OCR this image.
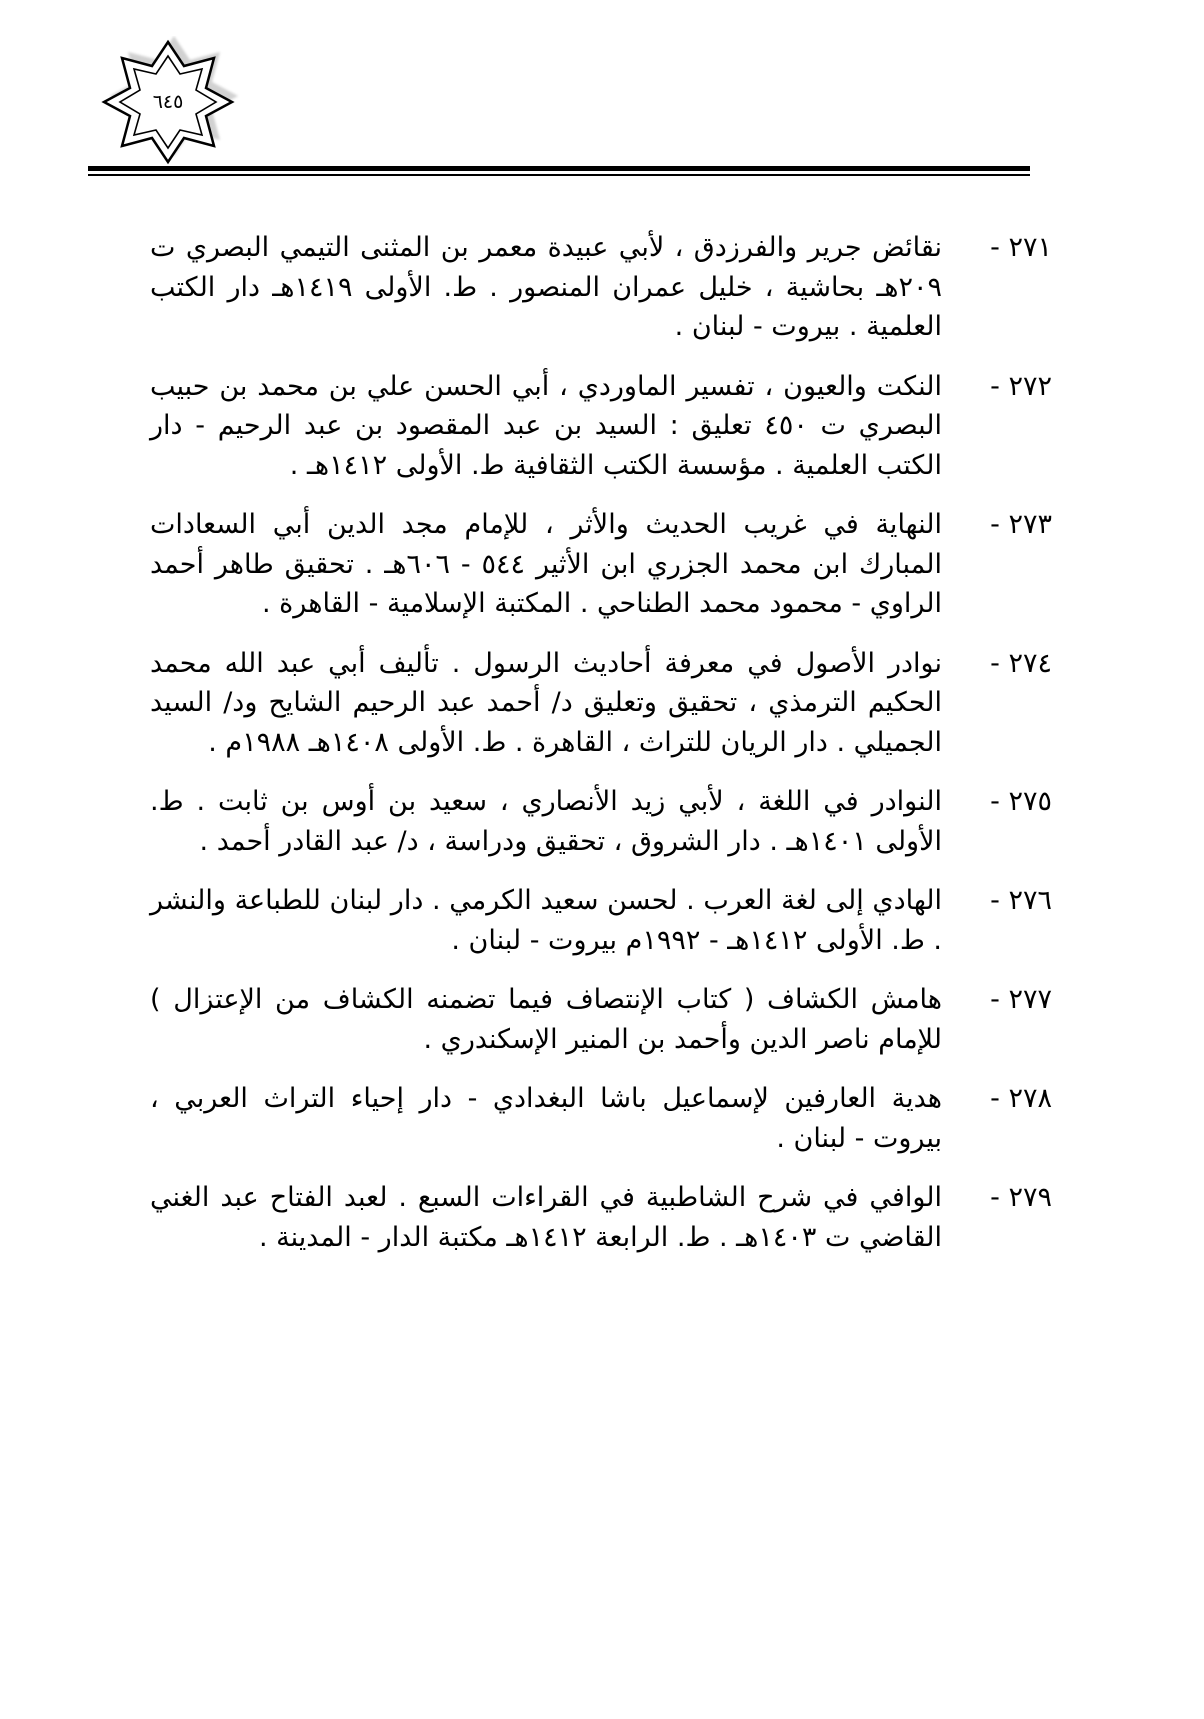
٦٤٥
٢٧١ -
نقائض جرير والفرزدق ، لأبي عبيدة معمر بن المثنى التيمي البصري ت ٢٠٩هـ بحاشية ، خليل عمران المنصور . ط. الأولى ١٤١٩هـ دار الكتب العلمية . بيروت - لبنان .
٢٧٢ -
النكت والعيون ، تفسير الماوردي ، أبي الحسن علي بن محمد بن حبيب البصري ت ٤٥٠ تعليق : السيد بن عبد المقصود بن عبد الرحيم - دار الكتب العلمية . مؤسسة الكتب الثقافية ط. الأولى ١٤١٢هـ .
٢٧٣ -
النهاية في غريب الحديث والأثر ، للإمام مجد الدين أبي السعادات المبارك ابن محمد الجزري ابن الأثير ٥٤٤ - ٦٠٦هـ . تحقيق طاهر أحمد الراوي - محمود محمد الطناحي . المكتبة الإسلامية - القاهرة .
٢٧٤ -
نوادر الأصول في معرفة أحاديث الرسول . تأليف أبي عبد الله محمد الحكيم الترمذي ، تحقيق وتعليق د/ أحمد عبد الرحيم الشايح ود/ السيد الجميلي . دار الريان للتراث ، القاهرة . ط. الأولى ١٤٠٨هـ ١٩٨٨م .
٢٧٥ -
النوادر في اللغة ، لأبي زيد الأنصاري ، سعيد بن أوس بن ثابت . ط. الأولى ١٤٠١هـ . دار الشروق ، تحقيق ودراسة ، د/ عبد القادر أحمد .
٢٧٦ -
الهادي إلى لغة العرب . لحسن سعيد الكرمي . دار لبنان للطباعة والنشر . ط. الأولى ١٤١٢هـ - ١٩٩٢م بيروت - لبنان .
٢٧٧ -
هامش الكشاف ( كتاب الإنتصاف فيما تضمنه الكشاف من الإعتزال ) للإمام ناصر الدين وأحمد بن المنير الإسكندري .
٢٧٨ -
هدية العارفين لإسماعيل باشا البغدادي - دار إحياء التراث العربي ، بيروت - لبنان .
٢٧٩ -
الوافي في شرح الشاطبية في القراءات السبع . لعبد الفتاح عبد الغني القاضي ت ١٤٠٣هـ . ط. الرابعة ١٤١٢هـ مكتبة الدار - المدينة .
